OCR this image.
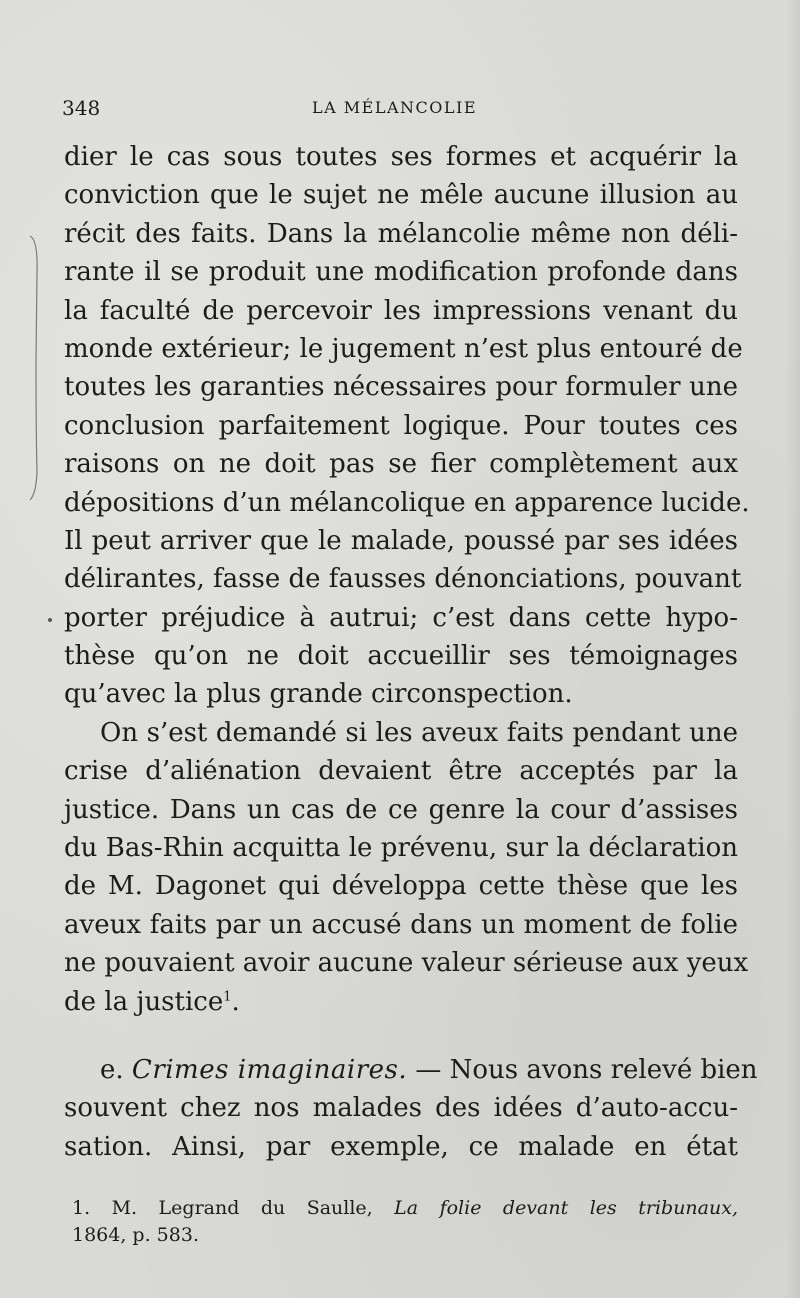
348	LA MÉLANCOLIE
dier le cas sous toutes ses formes et acquérir la
conviction que le sujet ne mêle aucune illusion au
récit des faits. Dans la mélancolie même non déli-
rante il se produit une modification profonde dans
la faculté de percevoir les impressions venant du
monde extérieur; le jugement n’est plus entouré de
toutes les garanties nécessaires pour formuler une
conclusion parfaitement logique. Pour toutes ces
raisons on ne doit pas se fier complètement aux
dépositions d’un mélancolique en apparence lucide.
Il peut arriver que le malade, poussé par ses idées
délirantes, fasse de fausses dénonciations, pouvant
porter préjudice à autrui; c’est dans cette hypo-
thèse qu’on ne doit accueillir ses témoignages
qu’avec la plus grande circonspection.
On s’est demandé si les aveux faits pendant une
crise d’aliénation devaient être acceptés par la
justice. Dans un cas de ce genre la cour d’assises
du Bas-Rhin acquitta le prévenu, sur la déclaration
de M. Dagonet qui développa cette thèse que les
aveux faits par un accusé dans un moment de folie
ne pouvaient avoir aucune valeur sérieuse aux yeux
de la justice$^1$.
e. Crimes imaginaires. — Nous avons relevé bien
souvent chez nos malades des idées d’auto-accu-
sation. Ainsi, par exemple, ce malade en état
1. M. Legrand du Saulle, La folie devant les tribunaux,
1864, p. 583.
